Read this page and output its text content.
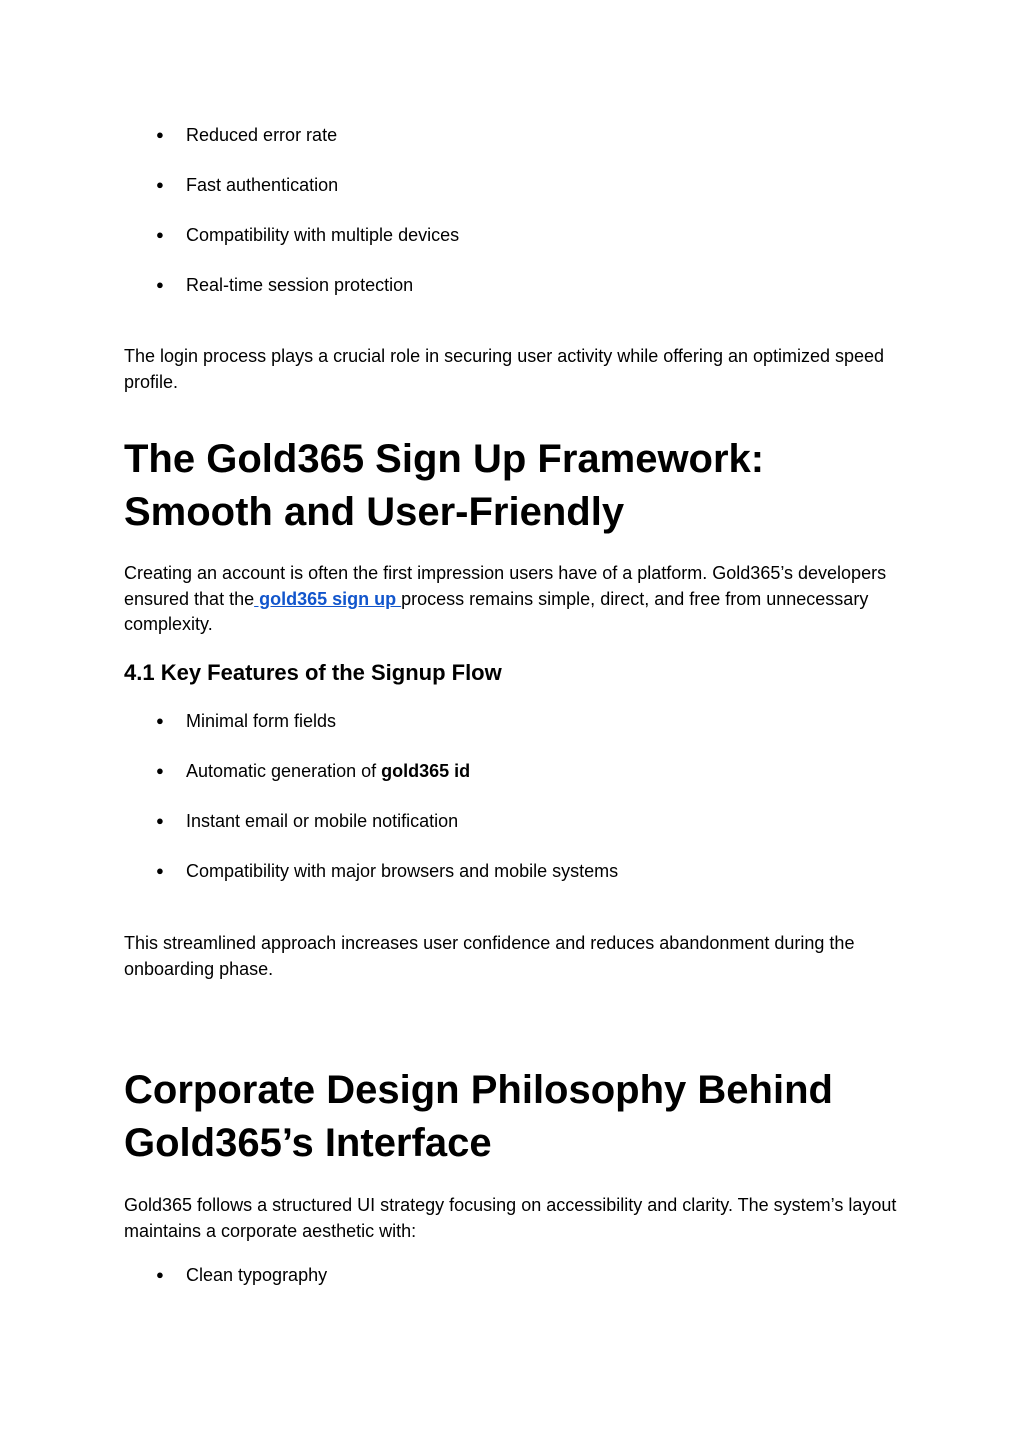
● Reduced error rate
● Fast authentication
● Compatibility with multiple devices
● Real-time session protection

The login process plays a crucial role in securing user activity while offering an optimized speed profile.

The Gold365 Sign Up Framework: Smooth and User-Friendly

Creating an account is often the first impression users have of a platform. Gold365’s developers ensured that the gold365 sign up process remains simple, direct, and free from unnecessary complexity.

4.1 Key Features of the Signup Flow
● Minimal form fields
● Automatic generation of gold365 id
● Instant email or mobile notification
● Compatibility with major browsers and mobile systems

This streamlined approach increases user confidence and reduces abandonment during the onboarding phase.

Corporate Design Philosophy Behind Gold365’s Interface

Gold365 follows a structured UI strategy focusing on accessibility and clarity. The system’s layout maintains a corporate aesthetic with:

● Clean typography
